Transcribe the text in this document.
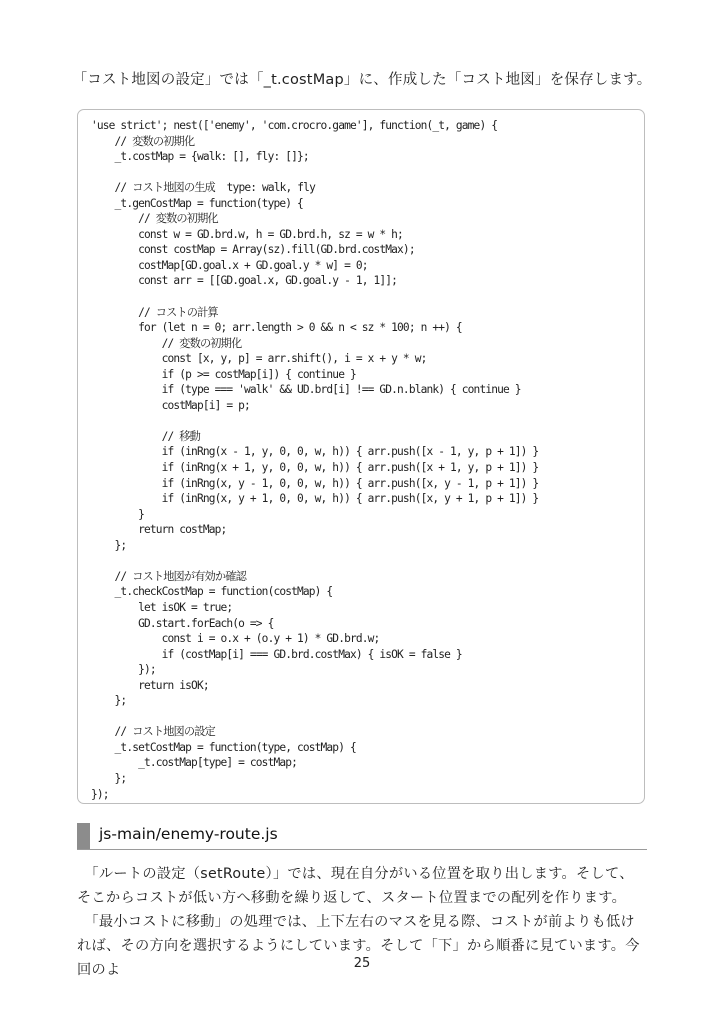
「コスト地図の設定」では「_t.costMap」に、作成した「コスト地図」を保存します。
'use strict'; nest(['enemy', 'com.crocro.game'], function(_t, game) {
// 変数の初期化
_t.costMap = {walk: [], fly: []};
// コスト地図の生成  type: walk, fly
_t.genCostMap = function(type) {
// 変数の初期化
const w = GD.brd.w, h = GD.brd.h, sz = w * h;
const costMap = Array(sz).fill(GD.brd.costMax);
costMap[GD.goal.x + GD.goal.y * w] = 0;
const arr = [[GD.goal.x, GD.goal.y - 1, 1]];
// コストの計算
for (let n = 0; arr.length > 0 && n < sz * 100; n ++) {
// 変数の初期化
const [x, y, p] = arr.shift(), i = x + y * w;
if (p >= costMap[i]) { continue }
if (type === 'walk' && UD.brd[i] !== GD.n.blank) { continue }
costMap[i] = p;
// 移動
if (inRng(x - 1, y, 0, 0, w, h)) { arr.push([x - 1, y, p + 1]) }
if (inRng(x + 1, y, 0, 0, w, h)) { arr.push([x + 1, y, p + 1]) }
if (inRng(x, y - 1, 0, 0, w, h)) { arr.push([x, y - 1, p + 1]) }
if (inRng(x, y + 1, 0, 0, w, h)) { arr.push([x, y + 1, p + 1]) }
}
return costMap;
};
// コスト地図が有効か確認
_t.checkCostMap = function(costMap) {
let isOK = true;
GD.start.forEach(o => {
const i = o.x + (o.y + 1) * GD.brd.w;
if (costMap[i] === GD.brd.costMax) { isOK = false }
});
return isOK;
};
// コスト地図の設定
_t.setCostMap = function(type, costMap) {
_t.costMap[type] = costMap;
};
});
js-main/enemy-route.js

　「ルートの設定（setRoute）」では、現在自分がいる位置を取り出します。そして、そこからコストが低い方へ移動を繰り返して、スタート位置までの配列を作ります。

　「最小コストに移動」の処理では、上下左右のマスを見る際、コストが前よりも低ければ、その方向を選択するようにしています。そして「下」から順番に見ています。今回のよ	25
